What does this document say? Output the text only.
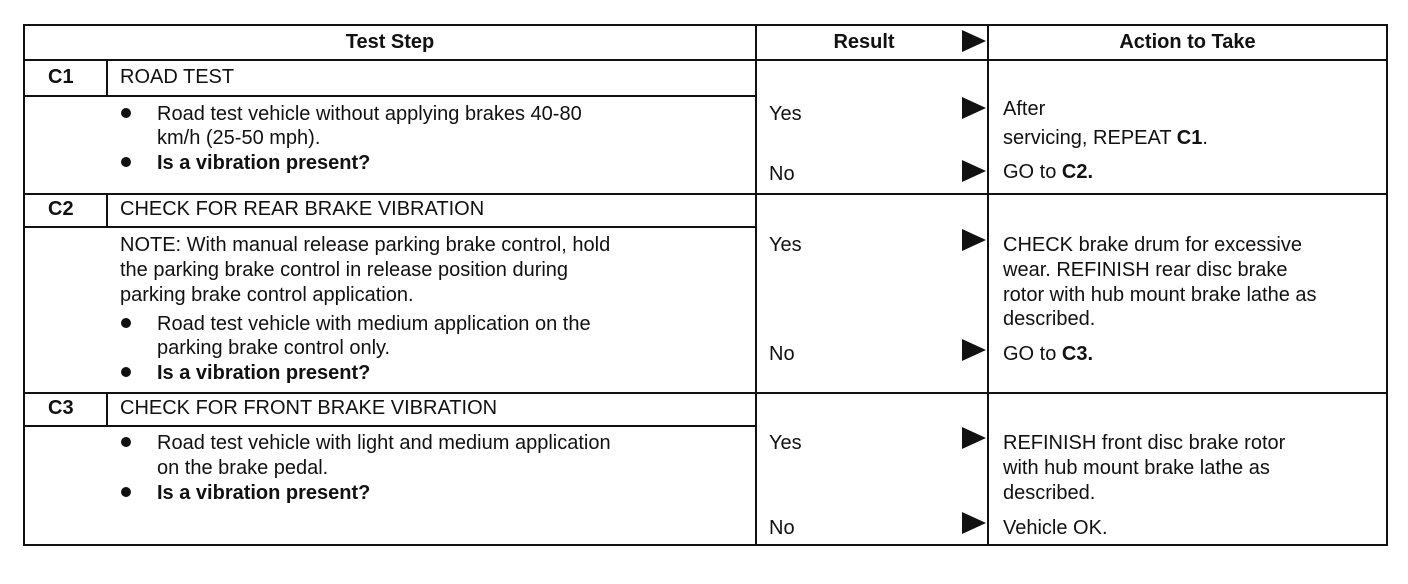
Test Step	Result	Action to Take
C1 ROAD TEST
Road test vehicle without applying brakes 40-80
km/h (25-50 mph).
Is a vibration present?
Yes	After
servicing, REPEAT C1.
No	GO to C2.
C2 CHECK FOR REAR BRAKE VIBRATION
NOTE: With manual release parking brake control, hold
the parking brake control in release position during
parking brake control application.
Road test vehicle with medium application on the
parking brake control only.
Is a vibration present?
Yes	CHECK brake drum for excessive
wear. REFINISH rear disc brake
rotor with hub mount brake lathe as
described.
No	GO to C3.
C3 CHECK FOR FRONT BRAKE VIBRATION
Road test vehicle with light and medium application
on the brake pedal.
Is a vibration present?
Yes	REFINISH front disc brake rotor
with hub mount brake lathe as
described.
No	Vehicle OK.
